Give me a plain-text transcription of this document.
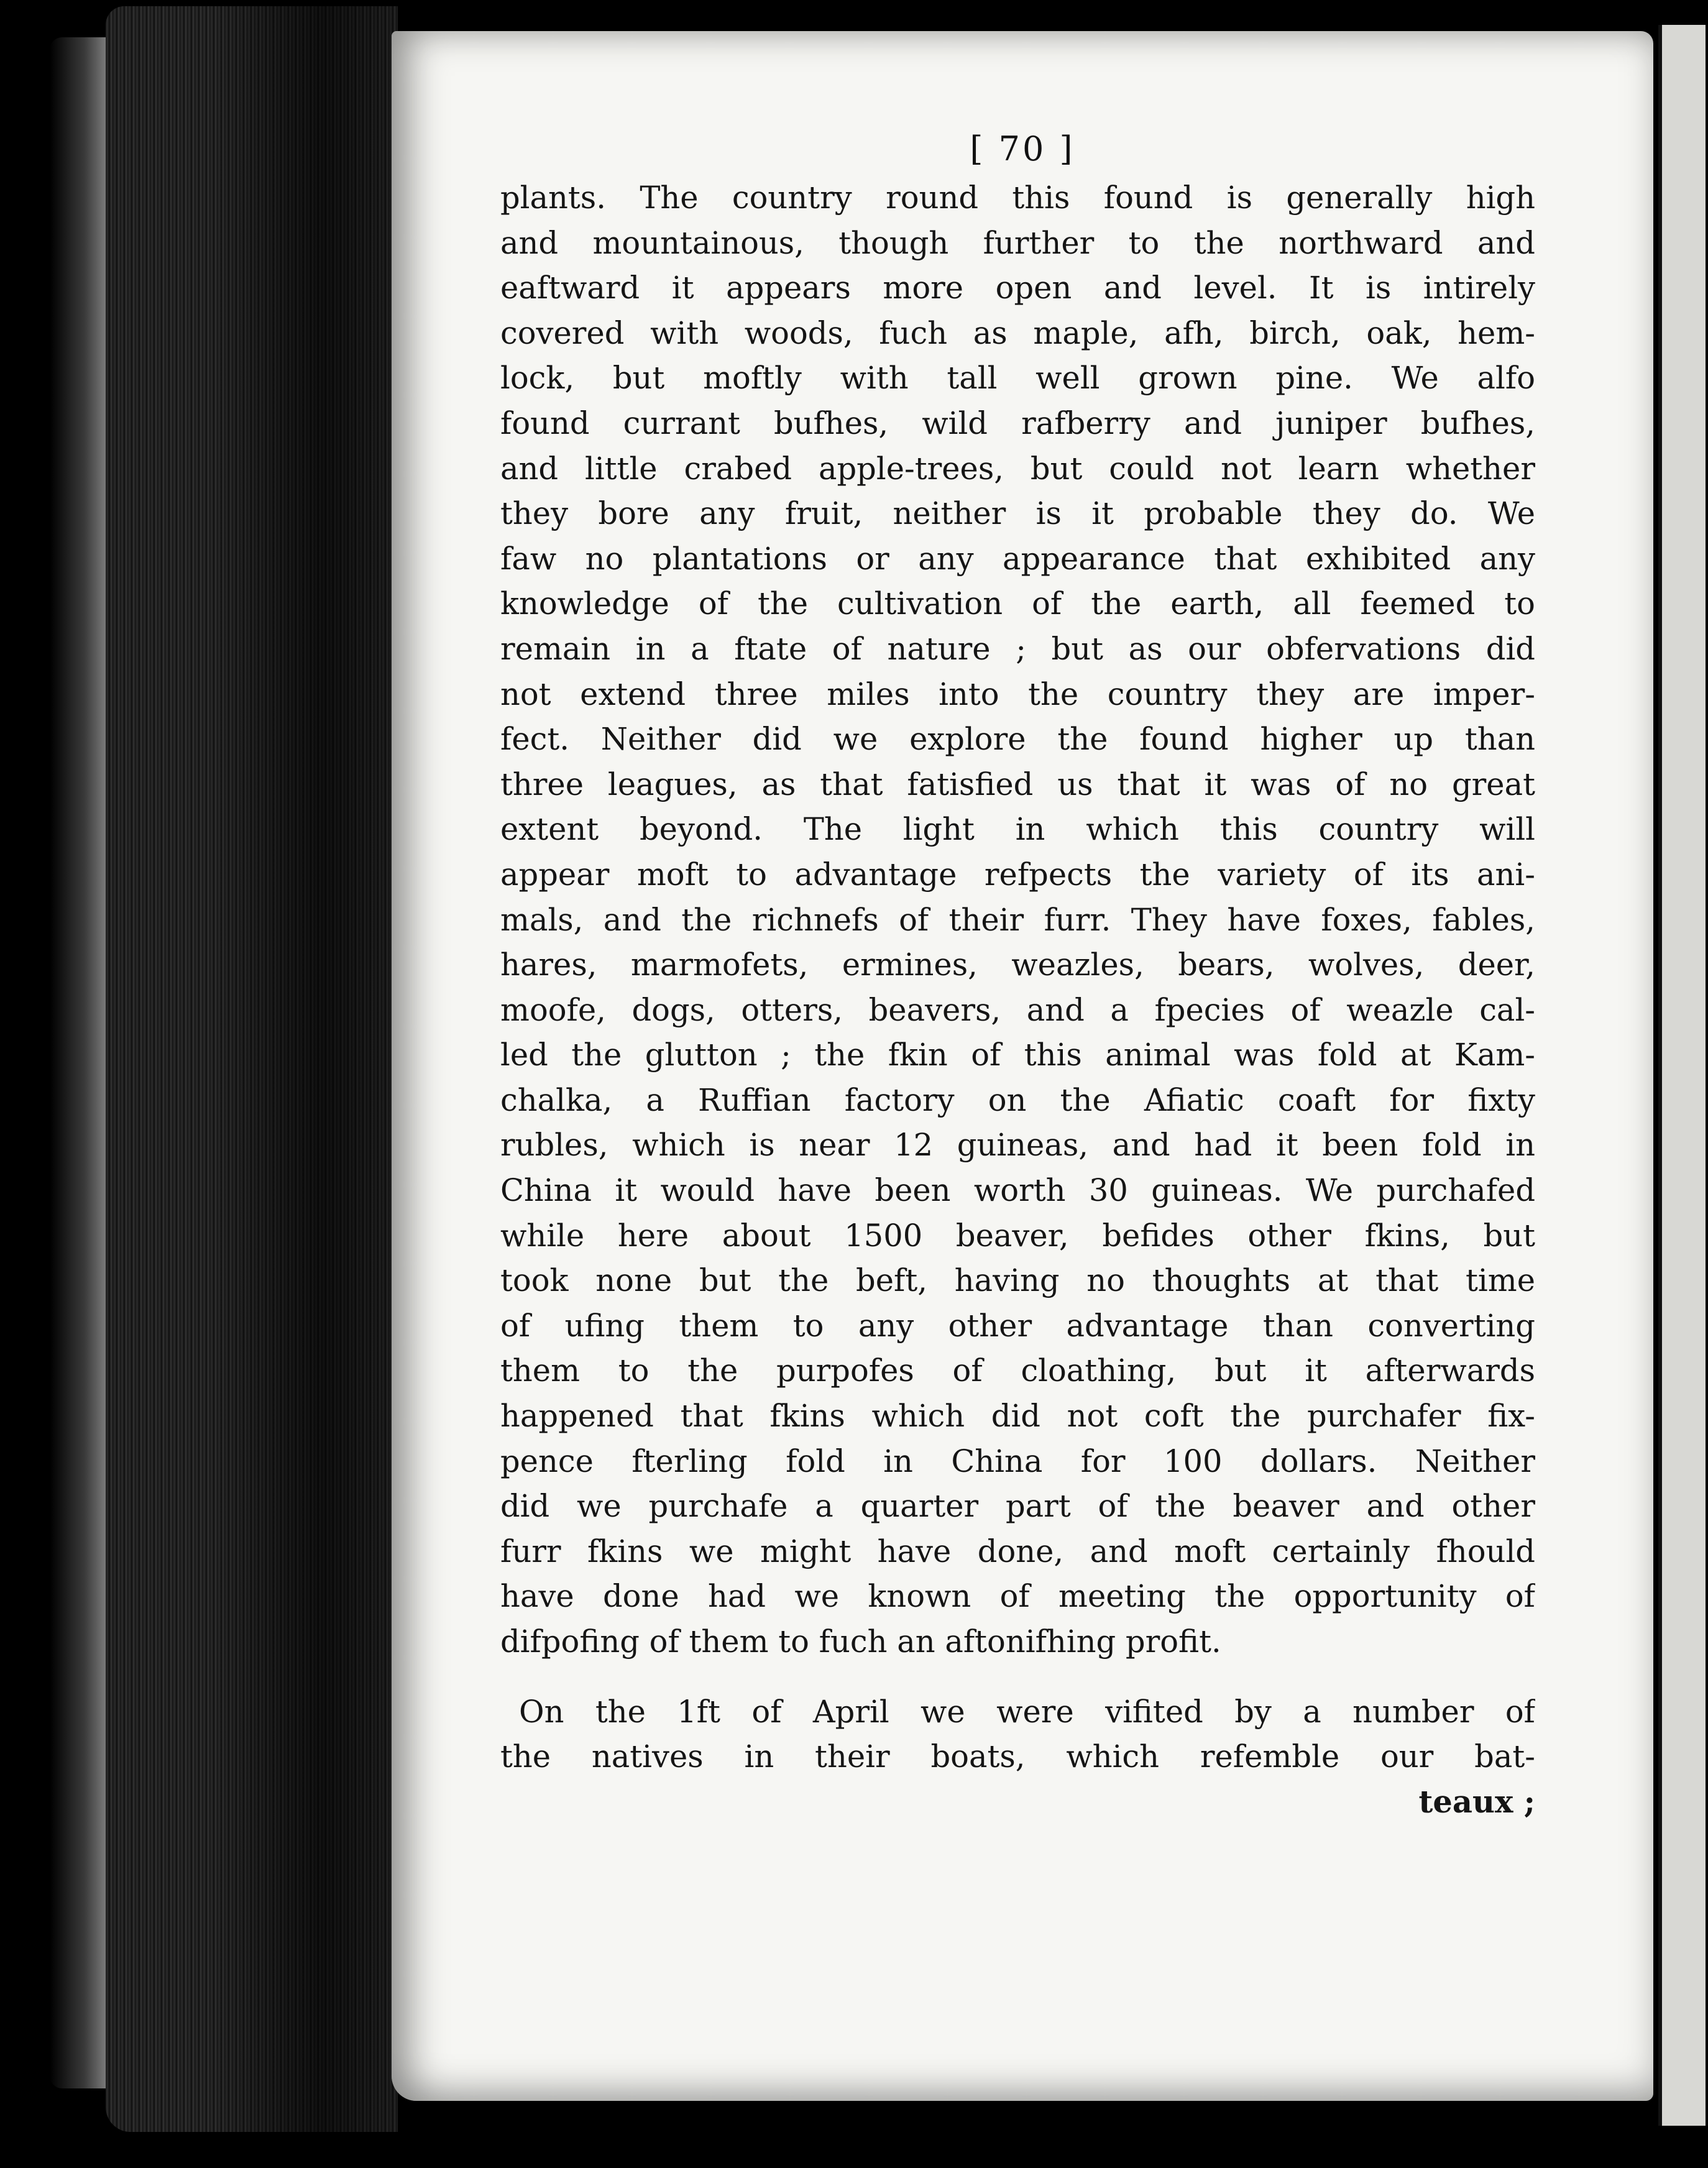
[ 70 ]
plants. The country round this found is generally high
and mountainous, though further to the northward and
eaftward it appears more open and level. It is intirely
covered with woods, fuch as maple, afh, birch, oak, hem-
lock, but moftly with tall well grown pine. We alfo
found currant bufhes, wild rafberry and juniper bufhes,
and little crabed apple-trees, but could not learn whether
they bore any fruit, neither is it probable they do. We
faw no plantations or any appearance that exhibited any
knowledge of the cultivation of the earth, all feemed to
remain in a ftate of nature ; but as our obfervations did
not extend three miles into the country they are imper-
fect. Neither did we explore the found higher up than
three leagues, as that fatisfied us that it was of no great
extent beyond. The light in which this country will
appear moft to advantage refpects the variety of its ani-
mals, and the richnefs of their furr. They have foxes, fables,
hares, marmofets, ermines, weazles, bears, wolves, deer,
moofe, dogs, otters, beavers, and a fpecies of weazle cal-
led the glutton ; the fkin of this animal was fold at Kam-
chalka, a Ruffian factory on the Afiatic coaft for fixty
rubles, which is near 12 guineas, and had it been fold in
China it would have been worth 30 guineas. We purchafed
while here about 1500 beaver, befides other fkins, but
took none but the beft, having no thoughts at that time
of ufing them to any other advantage than converting
them to the purpofes of cloathing, but it afterwards
happened that fkins which did not coft the purchafer fix-
pence fterling fold in China for 100 dollars. Neither
did we purchafe a quarter part of the beaver and other
furr fkins we might have done, and moft certainly fhould
have done had we known of meeting the opportunity of
difpofing of them to fuch an aftonifhing profit.
On the 1ft of April we were vifited by a number of
the natives in their boats, which refemble our bat-
teaux ;
